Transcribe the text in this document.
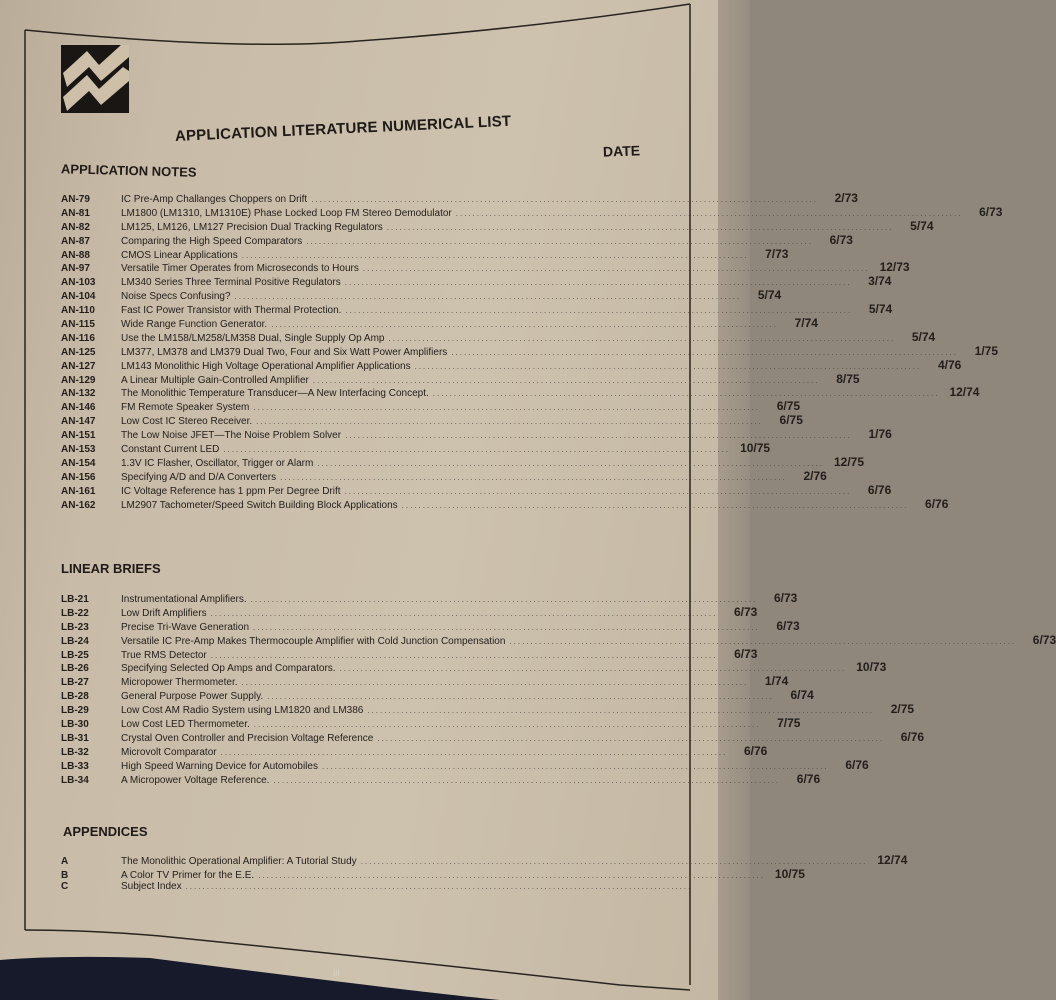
APPLICATION LITERATURE NUMERICAL LIST
DATE
APPLICATION NOTES
AN-79	IC Pre-Amp Challanges Choppers on Drift ........................................................................................................................	2/73
AN-81	LM1800 (LM1310, LM1310E) Phase Locked Loop FM Stereo Demodulator ........................................................................................................................	6/73
AN-82	LM125, LM126, LM127 Precision Dual Tracking Regulators ........................................................................................................................	5/74
AN-87	Comparing the High Speed Comparators ........................................................................................................................	6/73
AN-88	CMOS Linear Applications ........................................................................................................................	7/73
AN-97	Versatile Timer Operates from Microseconds to Hours ........................................................................................................................ 12/73
AN-103	LM340 Series Three Terminal Positive Regulators ........................................................................................................................	3/74
AN-104	Noise Specs Confusing? ........................................................................................................................	5/74
AN-110	Fast IC Power Transistor with Thermal Protection. ........................................................................................................................	5/74
AN-115	Wide Range Function Generator. ........................................................................................................................	7/74
AN-116	Use the LM158/LM258/LM358 Dual, Single Supply Op Amp ........................................................................................................................	5/74
AN-125	LM377, LM378 and LM379 Dual Two, Four and Six Watt Power Amplifiers ........................................................................................................................	1/75
AN-127	LM143 Monolithic High Voltage Operational Amplifier Applications ........................................................................................................................	4/76
AN-129	A Linear Multiple Gain-Controlled Amplifier ........................................................................................................................	8/75
AN-132	The Monolithic Temperature Transducer—A New Interfacing Concept. ........................................................................................................................ 12/74
AN-146	FM Remote Speaker System ........................................................................................................................	6/75
AN-147	Low Cost IC Stereo Receiver. ........................................................................................................................	6/75
AN-151	The Low Noise JFET—The Noise Problem Solver ........................................................................................................................	1/76
AN-153	Constant Current LED ........................................................................................................................ 10/75
AN-154	1.3V IC Flasher, Oscillator, Trigger or Alarm ........................................................................................................................ 12/75
AN-156	Specifying A/D and D/A Converters ........................................................................................................................	2/76
AN-161	IC Voltage Reference has 1 ppm Per Degree Drift ........................................................................................................................	6/76
AN-162	LM2907 Tachometer/Speed Switch Building Block Applications ........................................................................................................................	6/76
LINEAR BRIEFS
LB-21	Instrumentational Amplifiers. ........................................................................................................................	6/73
LB-22	Low Drift Amplifiers ........................................................................................................................	6/73
LB-23	Precise Tri-Wave Generation ........................................................................................................................	6/73
LB-24	Versatile IC Pre-Amp Makes Thermocouple Amplifier with Cold Junction Compensation ........................................................................................................................	6/73
LB-25	True RMS Detector ........................................................................................................................	6/73
LB-26	Specifying Selected Op Amps and Comparators. ........................................................................................................................ 10/73
LB-27	Micropower Thermometer. ........................................................................................................................	1/74
LB-28	General Purpose Power Supply. ........................................................................................................................	6/74
LB-29	Low Cost AM Radio System using LM1820 and LM386 ........................................................................................................................	2/75
LB-30	Low Cost LED Thermometer. ........................................................................................................................	7/75
LB-31	Crystal Oven Controller and Precision Voltage Reference ........................................................................................................................	6/76
LB-32	Microvolt Comparator ........................................................................................................................	6/76
LB-33	High Speed Warning Device for Automobiles ........................................................................................................................	6/76
LB-34	A Micropower Voltage Reference. ........................................................................................................................	6/76
APPENDICES
A	The Monolithic Operational Amplifier: A Tutorial Study ........................................................................................................................ 12/74
B	A Color TV Primer for the E.E. ........................................................................................................................ 10/75
C	Subject Index ........................................................................................................................
iii
